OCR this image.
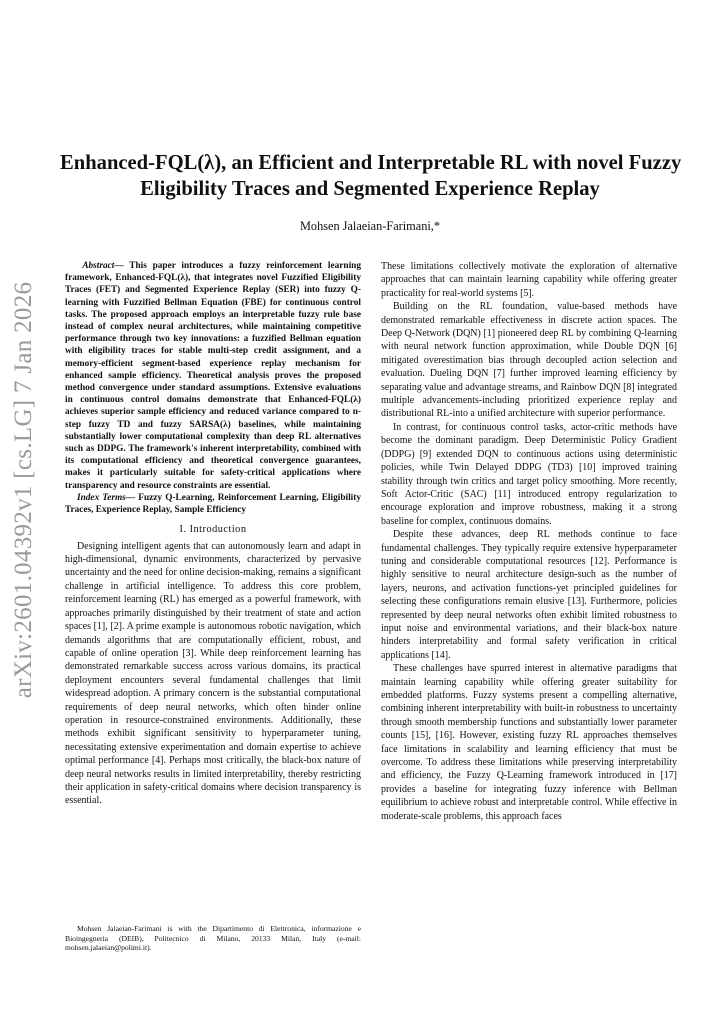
arXiv:2601.04392v1 [cs.LG] 7 Jan 2026
Enhanced-FQL(λ), an Efficient and Interpretable RL with novel Fuzzy
Eligibility Traces and Segmented Experience Replay
Mohsen Jalaeian-Farimani,*

Abstract— This paper introduces a fuzzy reinforcement learning framework, Enhanced-FQL(λ), that integrates novel Fuzzified Eligibility Traces (FET) and Segmented Experience Replay (SER) into fuzzy Q-learning with Fuzzified Bellman Equation (FBE) for continuous control tasks. The proposed approach employs an interpretable fuzzy rule base instead of complex neural architectures, while maintaining competitive performance through two key innovations: a fuzzified Bellman equation with eligibility traces for stable multi-step credit assignment, and a memory-efficient segment-based experience replay mechanism for enhanced sample efficiency. Theoretical analysis proves the proposed method convergence under standard assumptions. Extensive evaluations in continuous control domains demonstrate that Enhanced-FQL(λ) achieves superior sample efficiency and reduced variance compared to n-step fuzzy TD and fuzzy SARSA(λ) baselines, while maintaining substantially lower computational complexity than deep RL alternatives such as DDPG. The framework's inherent interpretability, combined with its computational efficiency and theoretical convergence guarantees, makes it particularly suitable for safety-critical applications where transparency and resource constraints are essential.

Index Terms— Fuzzy Q-Learning, Reinforcement Learning, Eligibility Traces, Experience Replay, Sample Efficiency

I. Introduction

Designing intelligent agents that can autonomously learn and adapt in high-dimensional, dynamic environments, characterized by pervasive uncertainty and the need for online decision-making, remains a significant challenge in artificial intelligence. To address this core problem, reinforcement learning (RL) has emerged as a powerful framework, with approaches primarily distinguished by their treatment of state and action spaces [1], [2]. A prime example is autonomous robotic navigation, which demands algorithms that are computationally efficient, robust, and capable of online operation [3]. While deep reinforcement learning has demonstrated remarkable success across various domains, its practical deployment encounters several fundamental challenges that limit widespread adoption. A primary concern is the substantial computational requirements of deep neural networks, which often hinder online operation in resource-constrained environments. Additionally, these methods exhibit significant sensitivity to hyperparameter tuning, necessitating extensive experimentation and domain expertise to achieve optimal performance [4]. Perhaps most critically, the black-box nature of deep neural networks results in limited interpretability, thereby restricting their application in safety-critical domains where decision transparency is essential.

Mohsen Jalaeian-Farimani is with the Dipartimento di Elettronica, informazione e Bioingegneria (DEIB), Politecnico di Milano, 20133 Milan, Italy (e-mail: mohsen.jalaeian@polimi.it).

These limitations collectively motivate the exploration of alternative approaches that can maintain learning capability while offering greater practicality for real-world systems [5].

Building on the RL foundation, value-based methods have demonstrated remarkable effectiveness in discrete action spaces. The Deep Q-Network (DQN) [1] pioneered deep RL by combining Q-learning with neural network function approximation, while Double DQN [6] mitigated overestimation bias through decoupled action selection and evaluation. Dueling DQN [7] further improved learning efficiency by separating value and advantage streams, and Rainbow DQN [8] integrated multiple advancements-including prioritized experience replay and distributional RL-into a unified architecture with superior performance.

In contrast, for continuous control tasks, actor-critic methods have become the dominant paradigm. Deep Deterministic Policy Gradient (DDPG) [9] extended DQN to continuous actions using deterministic policies, while Twin Delayed DDPG (TD3) [10] improved training stability through twin critics and target policy smoothing. More recently, Soft Actor-Critic (SAC) [11] introduced entropy regularization to encourage exploration and improve robustness, making it a strong baseline for complex, continuous domains.

Despite these advances, deep RL methods continue to face fundamental challenges. They typically require extensive hyperparameter tuning and considerable computational resources [12]. Performance is highly sensitive to neural architecture design-such as the number of layers, neurons, and activation functions-yet principled guidelines for selecting these configurations remain elusive [13]. Furthermore, policies represented by deep neural networks often exhibit limited robustness to input noise and environmental variations, and their black-box nature hinders interpretability and formal safety verification in critical applications [14].

These challenges have spurred interest in alternative paradigms that maintain learning capability while offering greater suitability for embedded platforms. Fuzzy systems present a compelling alternative, combining inherent interpretability with built-in robustness to uncertainty through smooth membership functions and substantially lower parameter counts [15], [16]. However, existing fuzzy RL approaches themselves face limitations in scalability and learning efficiency that must be overcome. To address these limitations while preserving interpretability and efficiency, the Fuzzy Q-Learning framework introduced in [17] provides a baseline for integrating fuzzy inference with Bellman equilibrium to achieve robust and interpretable control. While effective in moderate-scale problems, this approach faces
